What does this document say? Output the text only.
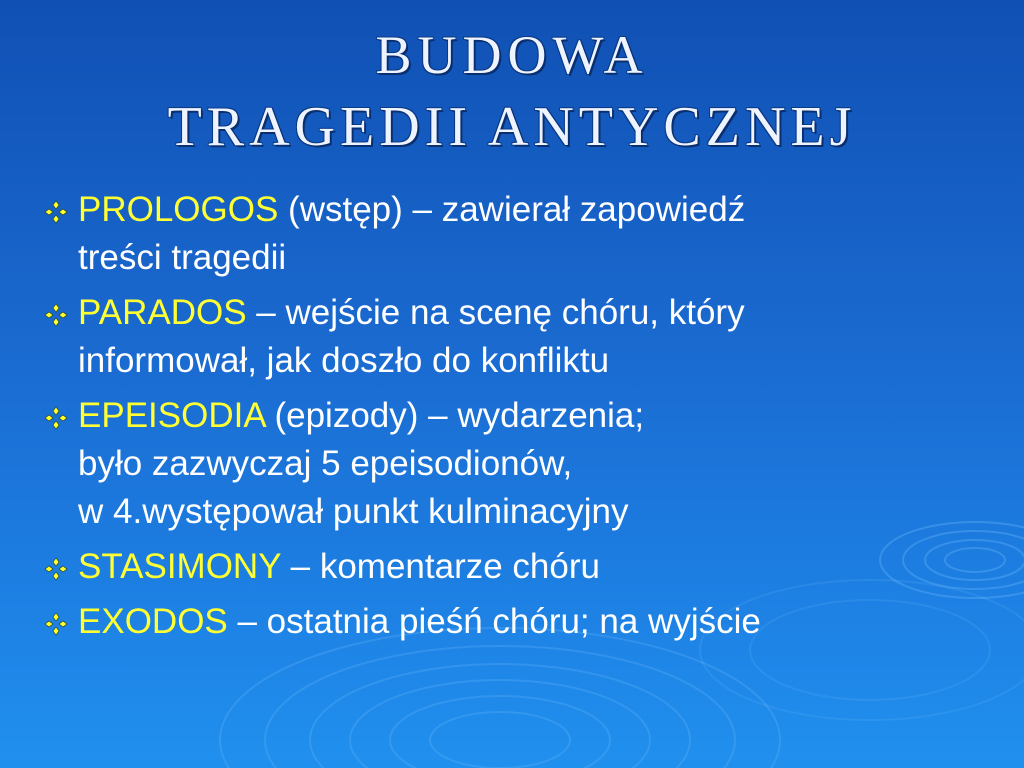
BUDOWA
TRAGEDII ANTYCZNEJ
PROLOGOS (wstęp) – zawierał zapowiedź
treści tragedii
PARADOS – wejście na scenę chóru, który
informował, jak doszło do konfliktu
EPEISODIA (epizody) – wydarzenia;
było zazwyczaj 5 epeisodionów,
w 4.występował punkt kulminacyjny
STASIMONY – komentarze chóru
EXODOS – ostatnia pieśń chóru; na wyjście
